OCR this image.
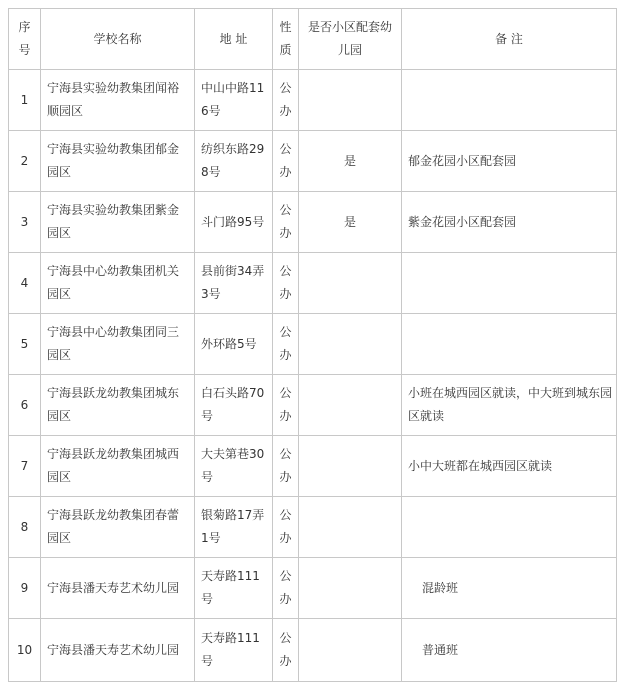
序号	学校名称	地 址	性质	是否小区配套幼儿园	备 注
1	宁海县实验幼教集团闻裕顺园区	中山中路116号	公办		
2	宁海县实验幼教集团郁金园区	纺织东路298号	公办	是	郁金花园小区配套园
3	宁海县实验幼教集团紫金园区	斗门路95号	公办	是	紫金花园小区配套园
4	宁海县中心幼教集团机关园区	县前街34弄3号	公办		
5	宁海县中心幼教集团同三园区	外环路5号	公办		
6	宁海县跃龙幼教集团城东园区	白石头路70号	公办		小班在城西园区就读，中大班到城东园区就读
7	宁海县跃龙幼教集团城西园区	大夫第巷30号	公办		小中大班都在城西园区就读
8	宁海县跃龙幼教集团春蕾园区	银菊路17弄1号	公办		
9	宁海县潘天寿艺术幼儿园	天寿路111号	公办		混龄班
10	宁海县潘天寿艺术幼儿园	天寿路111号	公办		普通班
